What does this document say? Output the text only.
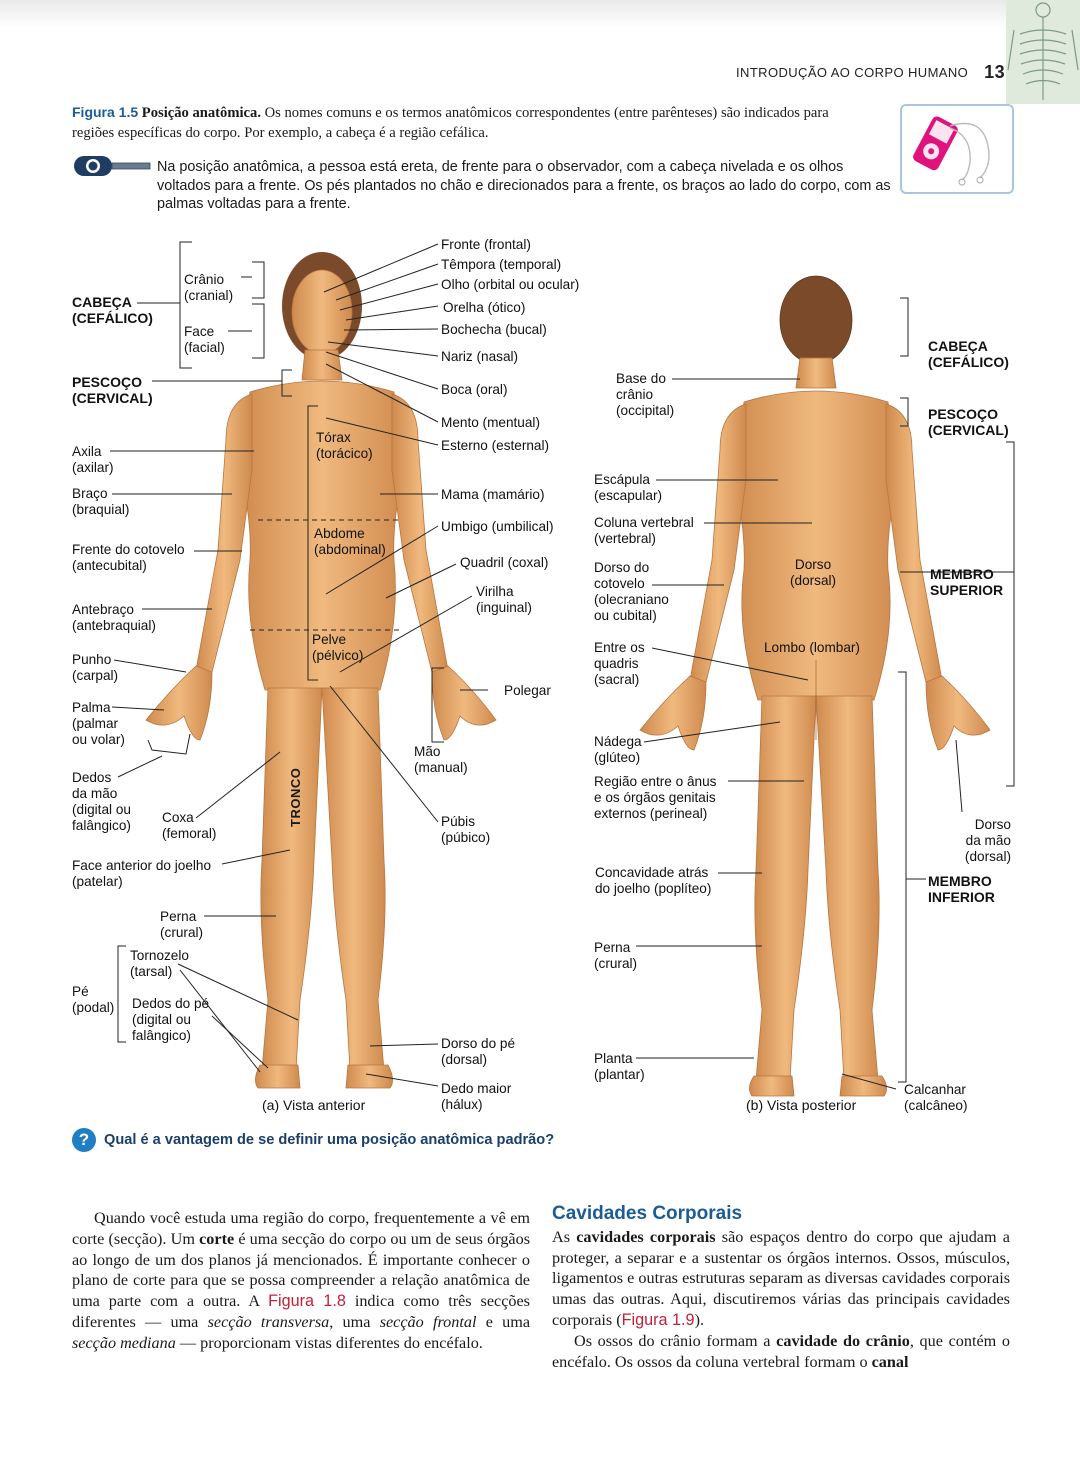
INTRODUÇÃO AO CORPO HUMANO 13
Figura 1.5 Posição anatômica. Os nomes comuns e os termos anatômicos correspondentes (entre parênteses) são indicados para regiões específicas do corpo. Por exemplo, a cabeça é a região cefálica.
Na posição anatômica, a pessoa está ereta, de frente para o observador, com a cabeça nivelada e os olhos voltados para a frente. Os pés plantados no chão e direcionados para a frente, os braços ao lado do corpo, com as palmas voltadas para a frente.
CABEÇA
(CEFÁLICO)
Crânio
(cranial)
Face
(facial)
PESCOÇO
(CERVICAL)
Axila
(axilar)
Braço
(braquial)
Frente do cotovelo
(antecubital)
Antebraço
(antebraquial)
Punho
(carpal)
Palma
(palmar
ou volar)
Dedos
da mão
(digital ou
falângico)
Coxa
(femoral)
Face anterior do joelho
(patelar)
Perna
(crural)
Tornozelo
(tarsal)
Pé
(podal) Dedos do pé
(digital ou
falângico)
Tórax
(torácico)
Abdome
(abdominal)
Pelve
(pélvico)
TRONCO
Fronte (frontal)
Têmpora (temporal)
Olho (orbital ou ocular)
Orelha (ótico)
Bochecha (bucal)
Nariz (nasal)
Boca (oral)
Mento (mentual)
Esterno (esternal)
Mama (mamário)
Umbigo (umbilical)
Quadril (coxal)
Virilha
(inguinal)
Polegar
Mão
(manual)
Púbis
(púbico)
Dorso do pé
(dorsal)
Dedo maior
(hálux)
(a) Vista anterior
Base do
crânio
(occipital)
Escápula
(escapular)
Coluna vertebral
(vertebral)
Dorso do
cotovelo
(olecraniano
ou cubital)
Entre os
quadris
(sacral)
Nádega
(glúteo)
Região entre o ânus
e os órgãos genitais
externos (perineal)
Concavidade atrás
do joelho (poplíteo)
Perna
(crural)
Planta
(plantar)
Dorso
(dorsal)
Lombo (lombar)
CABEÇA
(CEFÁLICO)
PESCOÇO
(CERVICAL)
MEMBRO
SUPERIOR
Dorso
da mão
(dorsal)
MEMBRO
INFERIOR
Calcanhar
(calcâneo)
(b) Vista posterior
? Qual é a vantagem de se definir uma posição anatômica padrão?
Quando você estuda uma região do corpo, frequentemente a vê em corte (secção). Um corte é uma secção do corpo ou um de seus órgãos ao longo de um dos planos já mencionados. É importante conhecer o plano de corte para que se possa compreender a relação anatômica de uma parte com a outra. A Figura 1.8 indica como três secções diferentes — uma secção transversa, uma secção frontal e uma secção mediana — proporcionam vistas diferentes do encéfalo.
Cavidades Corporais

As cavidades corporais são espaços dentro do corpo que ajudam a proteger, a separar e a sustentar os órgãos internos. Ossos, músculos, ligamentos e outras estruturas separam as diversas cavidades corporais umas das outras. Aqui, discutiremos várias das principais cavidades corporais (Figura 1.9).

Os ossos do crânio formam a cavidade do crânio, que contém o encéfalo. Os ossos da coluna vertebral formam o canal
